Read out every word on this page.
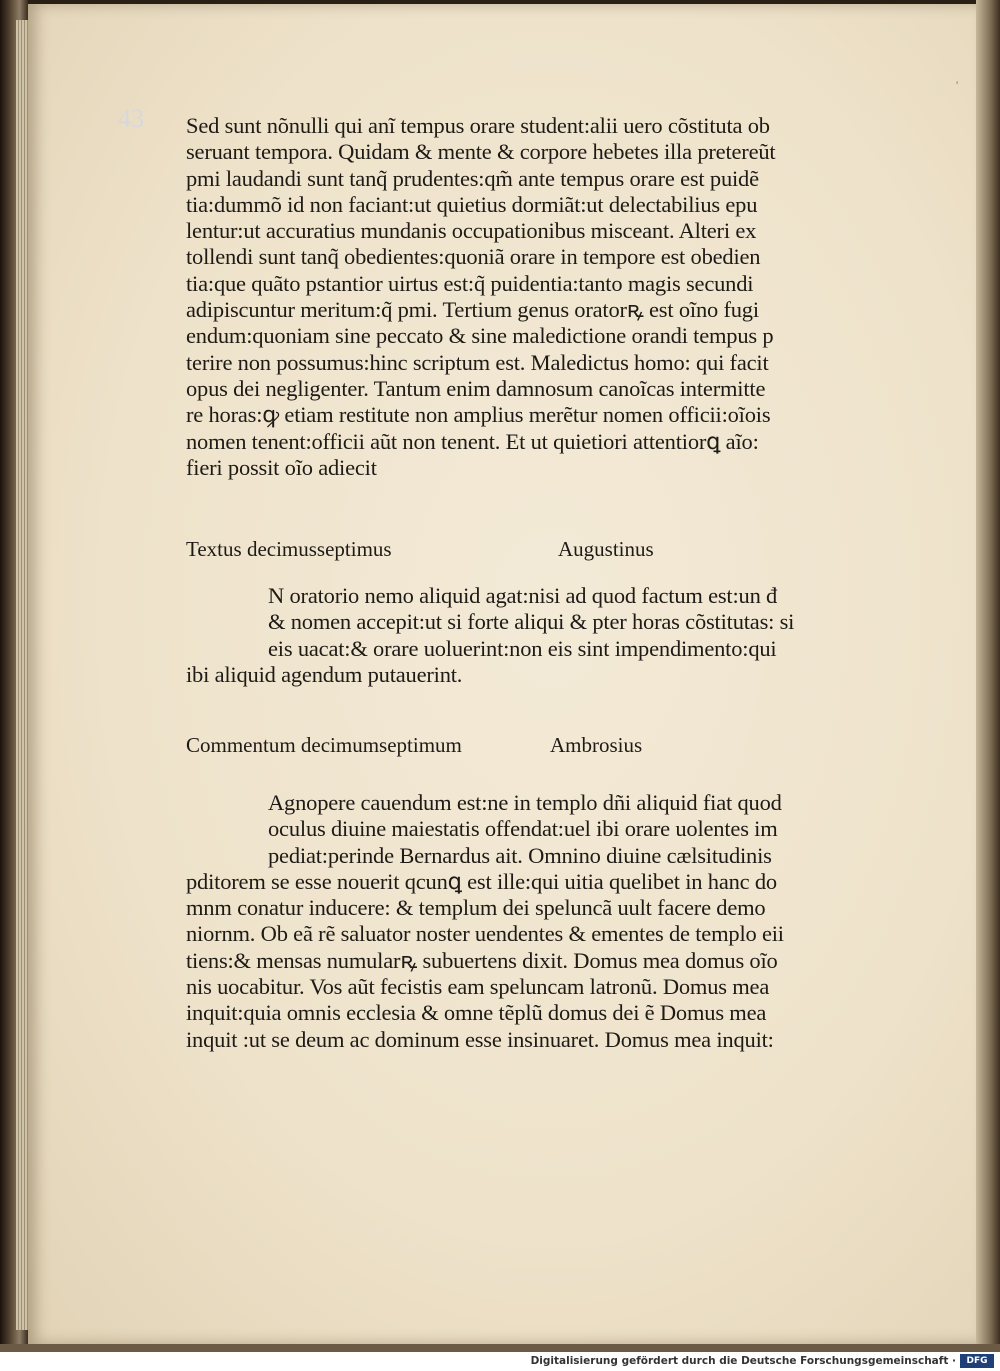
43
'
Sed sunt nõnulli qui anĩ tempus orare student:alii uero cõstituta ob
seruant tempora. Quidam & mente & corpore hebetes illa pretereũt
pmi laudandi sunt tanq̃ prudentes:qm̃ ante tempus orare est puidẽ
tia:dummõ id non faciant:ut quietius dormiãt:ut delectabilius epu
lentur:ut accuratius mundanis occupationibus misceant. Alteri ex
tollendi sunt tanq̃ obedientes:quoniã orare in tempore est obedien
tia:que quãto pstantior uirtus est:q̃ puidentia:tanto magis secundi
adipiscuntur meritum:q̃ pmi. Tertium genus oratorꝶ est oĩno fugi
endum:quoniam sine peccato & sine maledictione orandi tempus p
terire non possumus:hinc scriptum est. Maledictus homo: qui facit
opus dei negligenter. Tantum enim damnosum canoĩcas intermitte
re horas:ꝙ etiam restitute non amplius merẽtur nomen officii:oĩois
nomen tenent:officii aũt non tenent. Et ut quietiori attentiorꝗ aĩo:
fieri possit oĩo adiecit
Textus decimusseptimus	Augustinus
N oratorio nemo aliquid agat:nisi ad quod factum est:un đ
& nomen accepit:ut si forte aliqui & pter horas cõstitutas: si
eis uacat:& orare uoluerint:non eis sint impendimento:qui
ibi aliquid agendum putauerint.
Commentum decimumseptimum	Ambrosius
Agnopere cauendum est:ne in templo dñi aliquid fiat quod
oculus diuine maiestatis offendat:uel ibi orare uolentes im
pediat:perinde Bernardus ait. Omnino diuine cælsitudinis
pditorem se esse nouerit qcunꝗ est ille:qui uitia quelibet in hanc do
mnm conatur inducere: & templum dei speluncã uult facere demo
niornm. Ob eã rẽ saluator noster uendentes & ementes de templo eii
tiens:& mensas numularꝶ subuertens dixit. Domus mea domus oĩo
nis uocabitur. Vos aũt fecistis eam speluncam latronũ. Domus mea
inquit:quia omnis ecclesia & omne tẽplũ domus dei ẽ Domus mea
inquit :ut se deum ac dominum esse insinuaret. Domus mea inquit:
Digitalisierung gefördert durch die Deutsche Forschungsgemeinschaft ·	DFG
